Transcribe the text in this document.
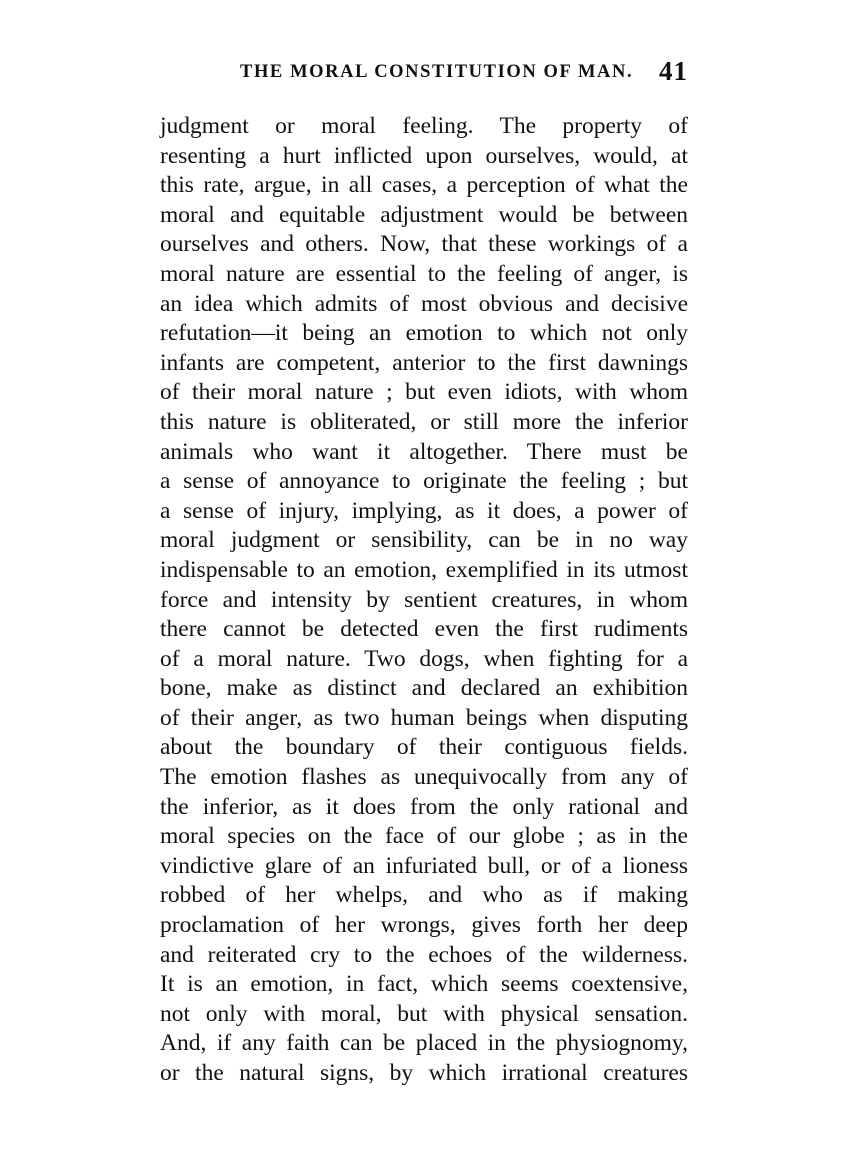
THE MORAL CONSTITUTION OF MAN. 41
judgment or moral feeling. The property of
resenting a hurt inflicted upon ourselves, would, at
this rate, argue, in all cases, a perception of what the
moral and equitable adjustment would be between
ourselves and others. Now, that these workings of a
moral nature are essential to the feeling of anger, is
an idea which admits of most obvious and decisive
refutation—it being an emotion to which not only
infants are competent, anterior to the first dawnings
of their moral nature ; but even idiots, with whom
this nature is obliterated, or still more the inferior
animals who want it altogether. There must be
a sense of annoyance to originate the feeling ; but
a sense of injury, implying, as it does, a power of
moral judgment or sensibility, can be in no way
indispensable to an emotion, exemplified in its utmost
force and intensity by sentient creatures, in whom
there cannot be detected even the first rudiments
of a moral nature. Two dogs, when fighting for a
bone, make as distinct and declared an exhibition
of their anger, as two human beings when disputing
about the boundary of their contiguous fields.
The emotion flashes as unequivocally from any of
the inferior, as it does from the only rational and
moral species on the face of our globe ; as in the
vindictive glare of an infuriated bull, or of a lioness
robbed of her whelps, and who as if making
proclamation of her wrongs, gives forth her deep
and reiterated cry to the echoes of the wilderness.
It is an emotion, in fact, which seems coextensive,
not only with moral, but with physical sensation.
And, if any faith can be placed in the physiognomy,
or the natural signs, by which irrational creatures
